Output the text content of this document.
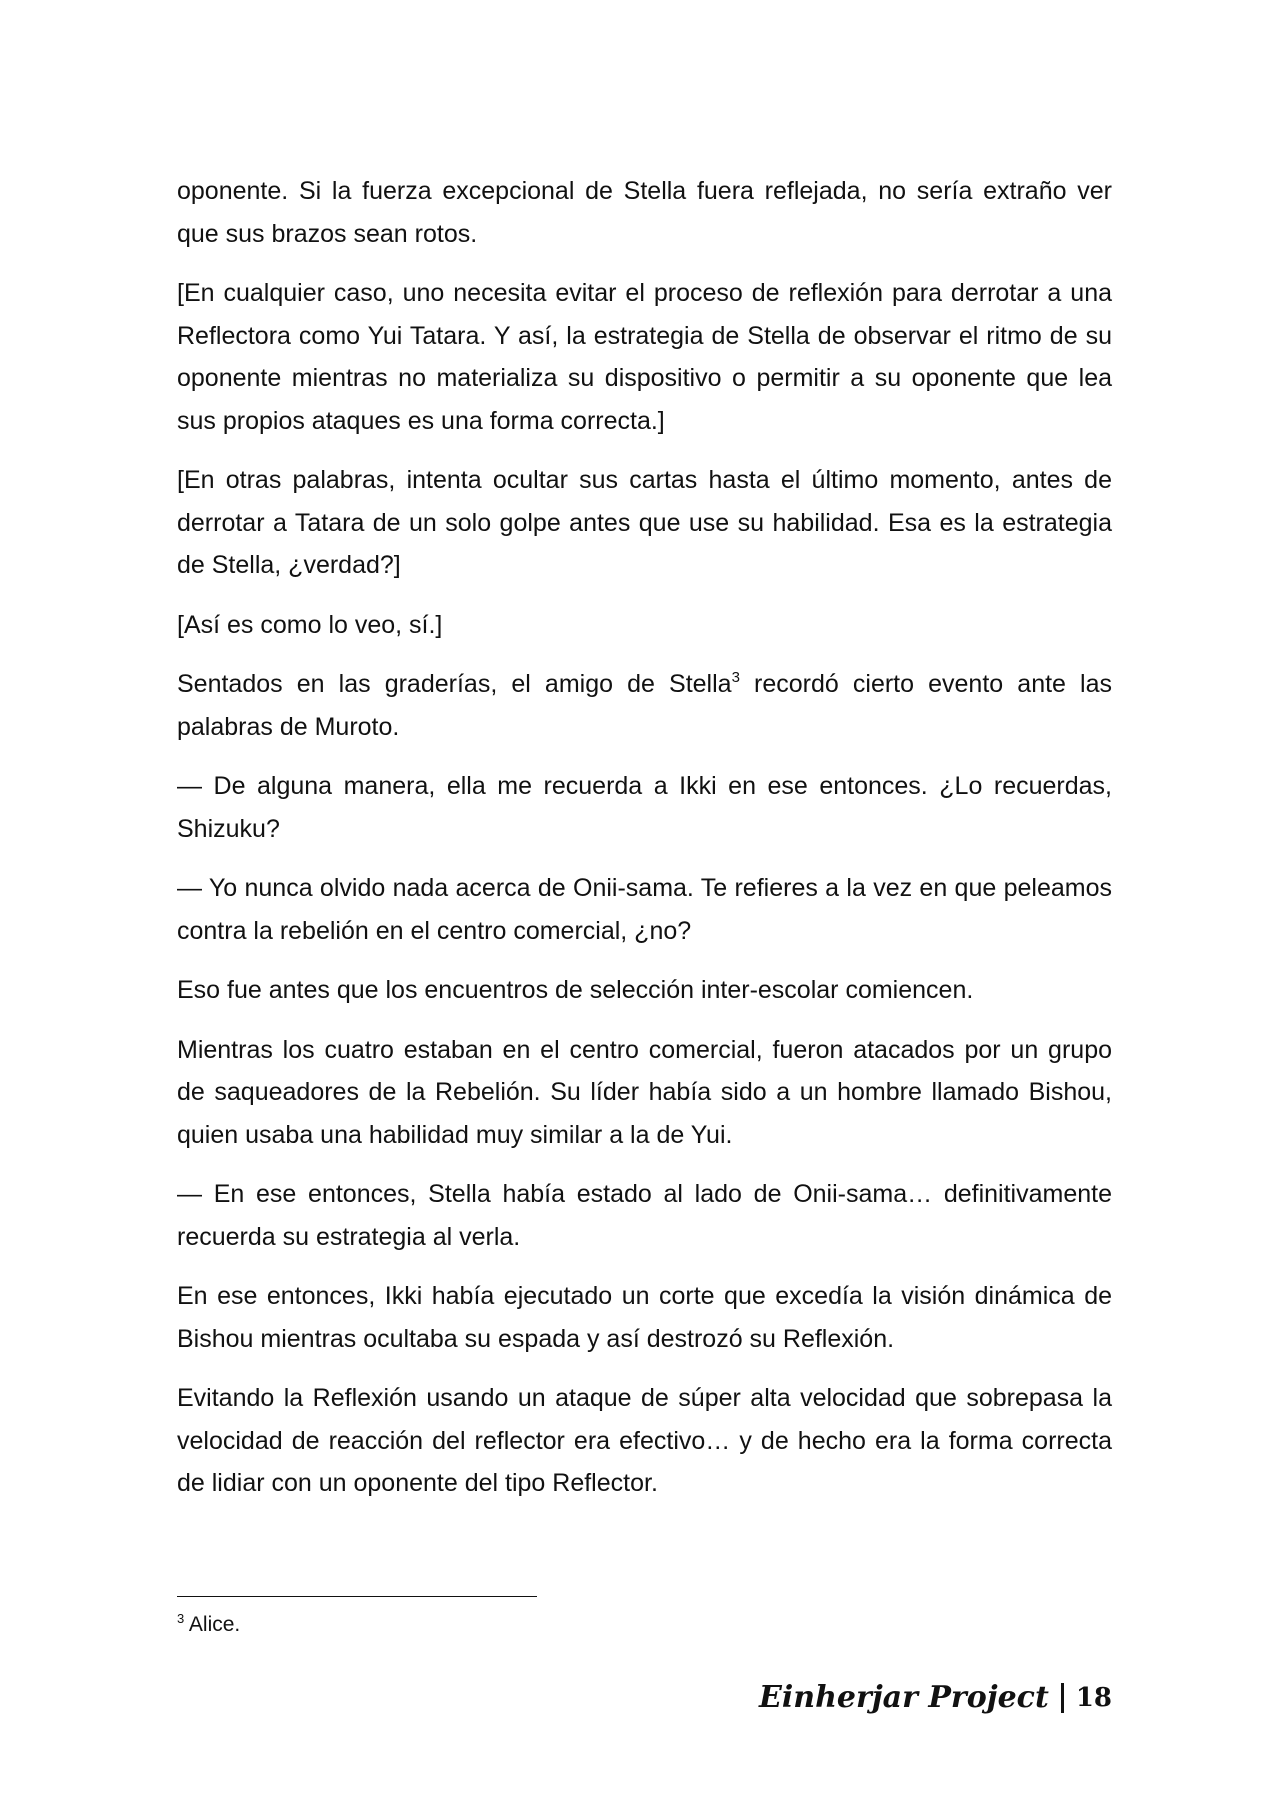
oponente. Si la fuerza excepcional de Stella fuera reflejada, no sería extraño ver que sus brazos sean rotos.

[En cualquier caso, uno necesita evitar el proceso de reflexión para derrotar a una Reflectora como Yui Tatara. Y así, la estrategia de Stella de observar el ritmo de su oponente mientras no materializa su dispositivo o permitir a su oponente que lea sus propios ataques es una forma correcta.]

[En otras palabras, intenta ocultar sus cartas hasta el último momento, antes de derrotar a Tatara de un solo golpe antes que use su habilidad. Esa es la estrategia de Stella, ¿verdad?]

[Así es como lo veo, sí.]

Sentados en las graderías, el amigo de Stella$^3$ recordó cierto evento ante las palabras de Muroto.

— De alguna manera, ella me recuerda a Ikki en ese entonces. ¿Lo recuerdas, Shizuku?

— Yo nunca olvido nada acerca de Onii-sama. Te refieres a la vez en que peleamos contra la rebelión en el centro comercial, ¿no?

Eso fue antes que los encuentros de selección inter-escolar comiencen.

Mientras los cuatro estaban en el centro comercial, fueron atacados por un grupo de saqueadores de la Rebelión. Su líder había sido a un hombre llamado Bishou, quien usaba una habilidad muy similar a la de Yui.

— En ese entonces, Stella había estado al lado de Onii-sama… definitivamente recuerda su estrategia al verla.

En ese entonces, Ikki había ejecutado un corte que excedía la visión dinámica de Bishou mientras ocultaba su espada y así destrozó su Reflexión.

Evitando la Reflexión usando un ataque de súper alta velocidad que sobrepasa la velocidad de reacción del reflector era efectivo… y de hecho era la forma correcta de lidiar con un oponente del tipo Reflector.

$^3$ Alice.
Einherjar Project 18
